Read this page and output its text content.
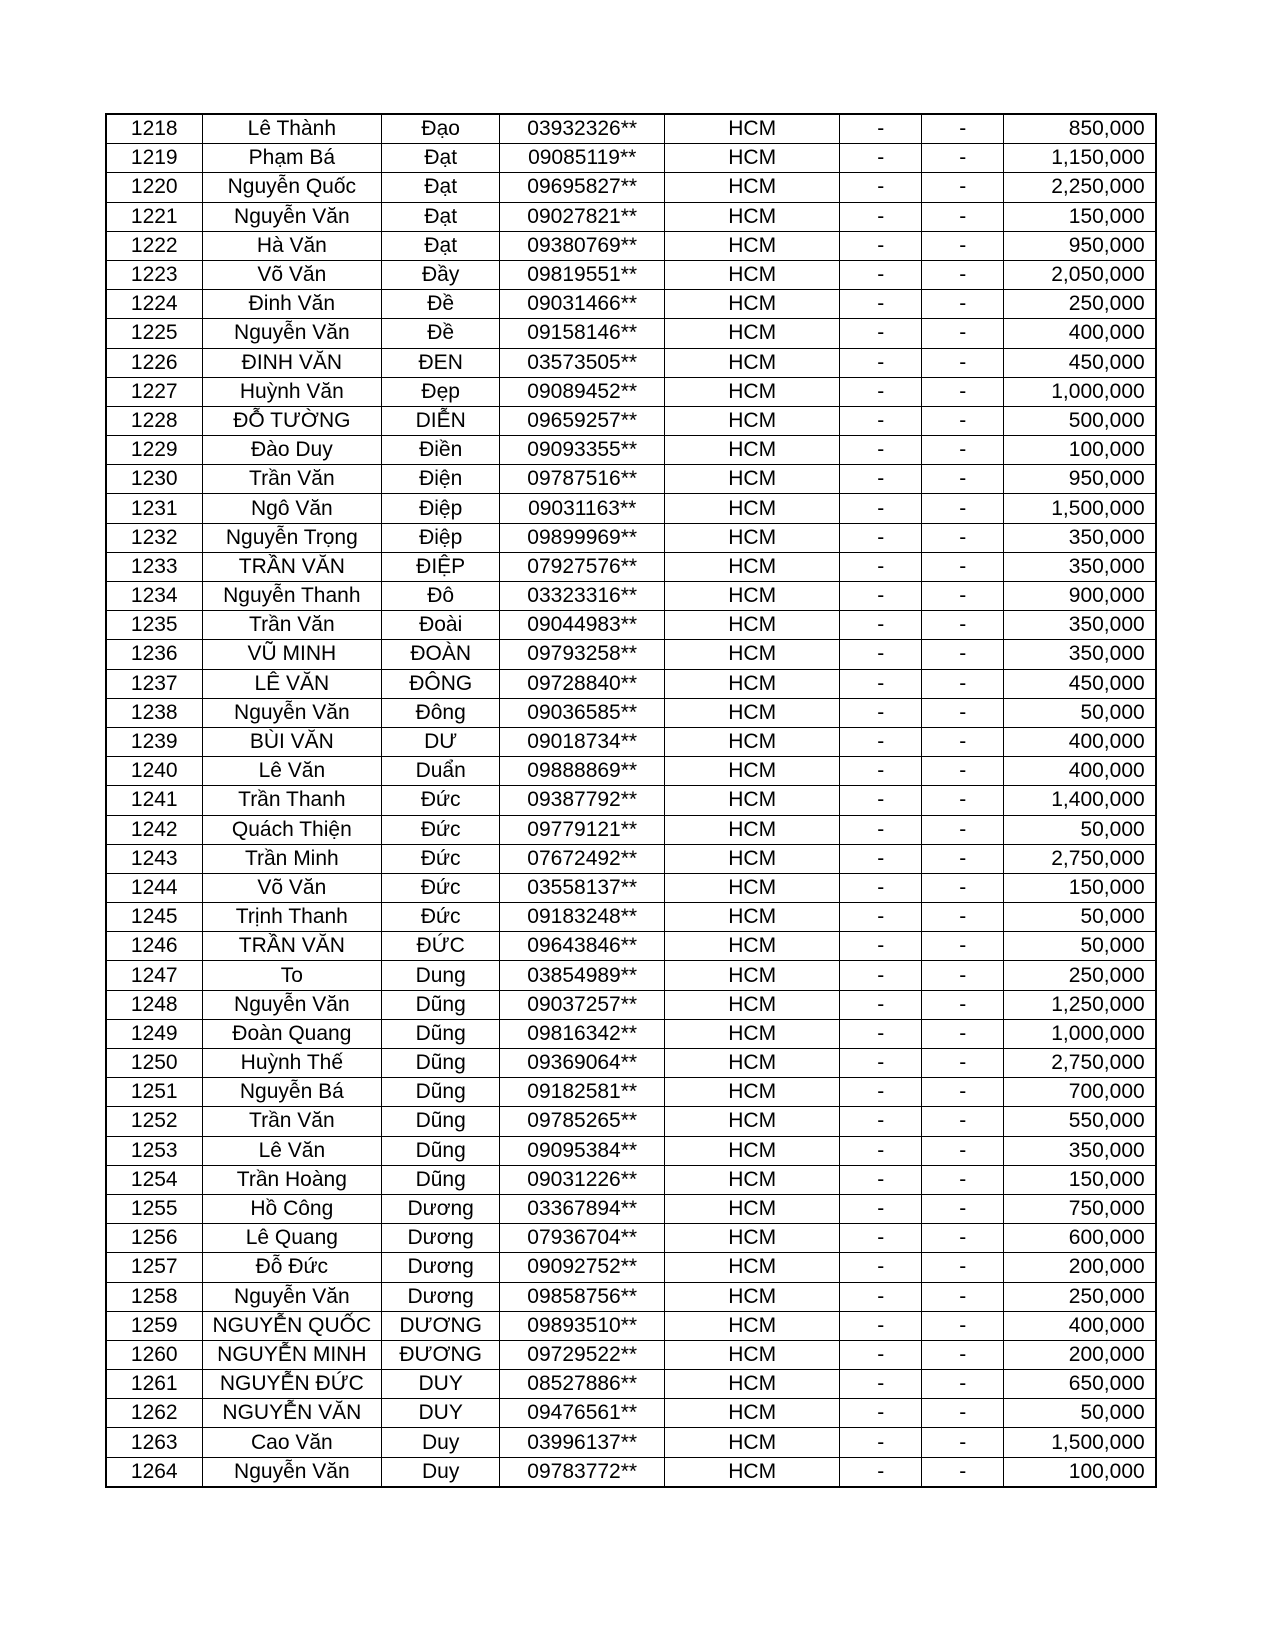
1218	Lê Thành	Đạo	03932326**	HCM	-	-	850,000
1219	Phạm Bá	Đạt	09085119**	HCM	-	-	1,150,000
1220	Nguyễn Quốc	Đạt	09695827**	HCM	-	-	2,250,000
1221	Nguyễn Văn	Đạt	09027821**	HCM	-	-	150,000
1222	Hà Văn	Đạt	09380769**	HCM	-	-	950,000
1223	Võ Văn	Đầy	09819551**	HCM	-	-	2,050,000
1224	Đinh Văn	Đề	09031466**	HCM	-	-	250,000
1225	Nguyễn Văn	Đề	09158146**	HCM	-	-	400,000
1226	ĐINH VĂN	ĐEN	03573505**	HCM	-	-	450,000
1227	Huỳnh Văn	Đẹp	09089452**	HCM	-	-	1,000,000
1228	ĐỖ TƯỜNG	DIỄN	09659257**	HCM	-	-	500,000
1229	Đào Duy	Điền	09093355**	HCM	-	-	100,000
1230	Trần Văn	Điện	09787516**	HCM	-	-	950,000
1231	Ngô Văn	Điệp	09031163**	HCM	-	-	1,500,000
1232	Nguyễn Trọng	Điệp	09899969**	HCM	-	-	350,000
1233	TRẦN VĂN	ĐIỆP	07927576**	HCM	-	-	350,000
1234	Nguyễn Thanh	Đô	03323316**	HCM	-	-	900,000
1235	Trần Văn	Đoài	09044983**	HCM	-	-	350,000
1236	VŨ MINH	ĐOÀN	09793258**	HCM	-	-	350,000
1237	LÊ VĂN	ĐÔNG	09728840**	HCM	-	-	450,000
1238	Nguyễn Văn	Đông	09036585**	HCM	-	-	50,000
1239	BÙI VĂN	DƯ	09018734**	HCM	-	-	400,000
1240	Lê Văn	Duẩn	09888869**	HCM	-	-	400,000
1241	Trần Thanh	Đức	09387792**	HCM	-	-	1,400,000
1242	Quách Thiện	Đức	09779121**	HCM	-	-	50,000
1243	Trần Minh	Đức	07672492**	HCM	-	-	2,750,000
1244	Võ Văn	Đức	03558137**	HCM	-	-	150,000
1245	Trịnh Thanh	Đức	09183248**	HCM	-	-	50,000
1246	TRẦN VĂN	ĐỨC	09643846**	HCM	-	-	50,000
1247	To	Dung	03854989**	HCM	-	-	250,000
1248	Nguyễn Văn	Dũng	09037257**	HCM	-	-	1,250,000
1249	Đoàn Quang	Dũng	09816342**	HCM	-	-	1,000,000
1250	Huỳnh Thế	Dũng	09369064**	HCM	-	-	2,750,000
1251	Nguyễn Bá	Dũng	09182581**	HCM	-	-	700,000
1252	Trần Văn	Dũng	09785265**	HCM	-	-	550,000
1253	Lê Văn	Dũng	09095384**	HCM	-	-	350,000
1254	Trần Hoàng	Dũng	09031226**	HCM	-	-	150,000
1255	Hồ Công	Dương	03367894**	HCM	-	-	750,000
1256	Lê Quang	Dương	07936704**	HCM	-	-	600,000
1257	Đỗ Đức	Dương	09092752**	HCM	-	-	200,000
1258	Nguyễn Văn	Dương	09858756**	HCM	-	-	250,000
1259	NGUYỄN QUỐC	DƯƠNG	09893510**	HCM	-	-	400,000
1260	NGUYỄN MINH	ĐƯƠNG	09729522**	HCM	-	-	200,000
1261	NGUYỄN ĐỨC	DUY	08527886**	HCM	-	-	650,000
1262	NGUYỄN VĂN	DUY	09476561**	HCM	-	-	50,000
1263	Cao Văn	Duy	03996137**	HCM	-	-	1,500,000
1264	Nguyễn Văn	Duy	09783772**	HCM	-	-	100,000
